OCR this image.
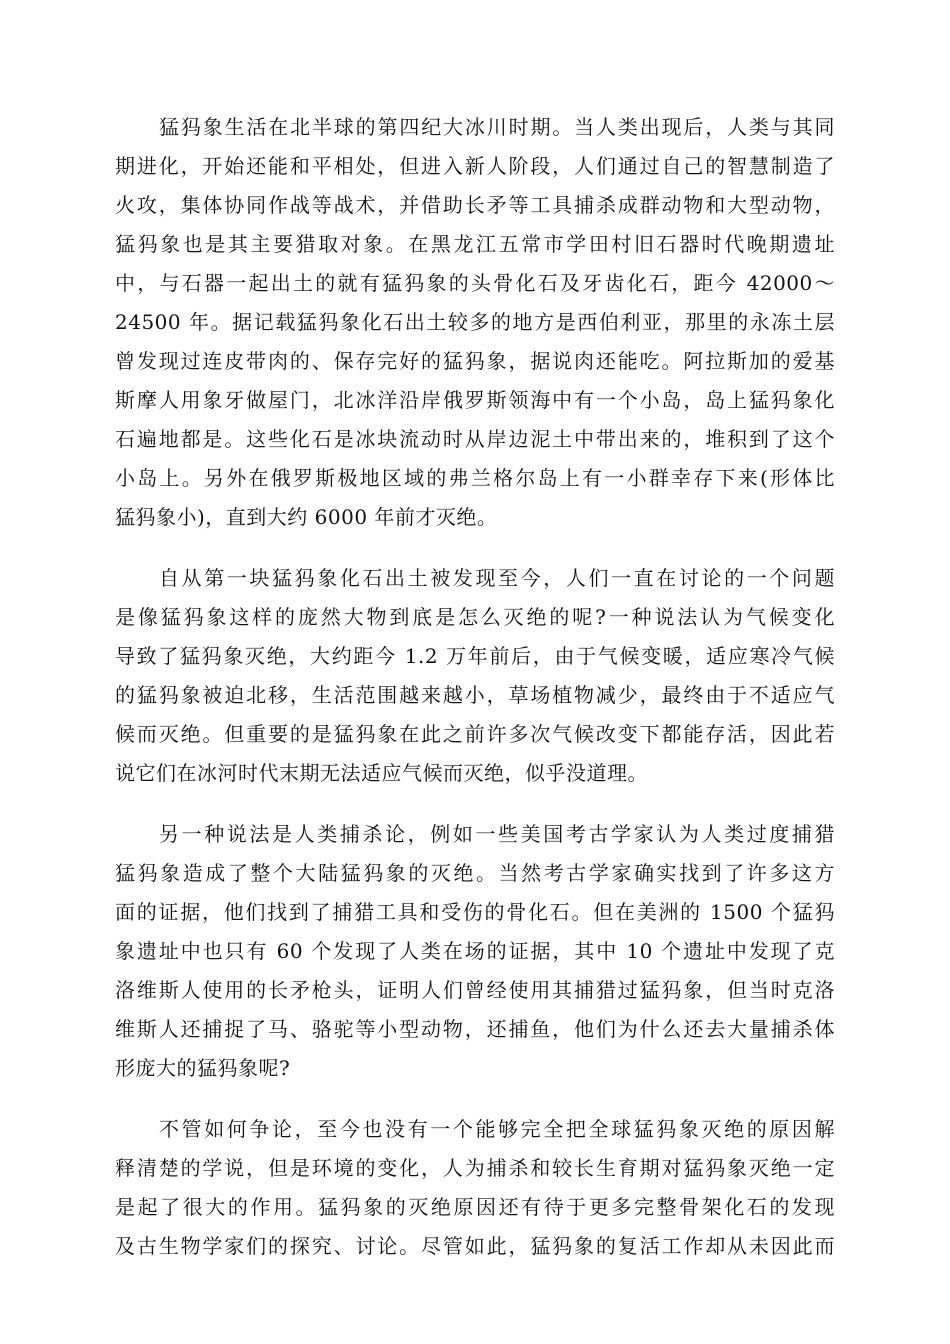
猛犸象生活在北半球的第四纪大冰川时期。当人类出现后，人类与其同
期进化，开始还能和平相处，但进入新人阶段，人们通过自己的智慧制造了
火攻，集体协同作战等战术，并借助长矛等工具捕杀成群动物和大型动物，
猛犸象也是其主要猎取对象。在黑龙江五常市学田村旧石器时代晚期遗址
中，与石器一起出土的就有猛犸象的头骨化石及牙齿化石，距今 42000～
24500 年。据记载猛犸象化石出土较多的地方是西伯利亚，那里的永冻土层
曾发现过连皮带肉的、保存完好的猛犸象，据说肉还能吃。阿拉斯加的爱基
斯摩人用象牙做屋门，北冰洋沿岸俄罗斯领海中有一个小岛，岛上猛犸象化
石遍地都是。这些化石是冰块流动时从岸边泥土中带出来的，堆积到了这个
小岛上。另外在俄罗斯极地区域的弗兰格尔岛上有一小群幸存下来(形体比
猛犸象小)，直到大约 6000 年前才灭绝。
自从第一块猛犸象化石出土被发现至今，人们一直在讨论的一个问题
是像猛犸象这样的庞然大物到底是怎么灭绝的呢?一种说法认为气候变化
导致了猛犸象灭绝，大约距今 1.2 万年前后，由于气候变暖，适应寒冷气候
的猛犸象被迫北移，生活范围越来越小，草场植物减少，最终由于不适应气
候而灭绝。但重要的是猛犸象在此之前许多次气候改变下都能存活，因此若
说它们在冰河时代末期无法适应气候而灭绝，似乎没道理。
另一种说法是人类捕杀论，例如一些美国考古学家认为人类过度捕猎
猛犸象造成了整个大陆猛犸象的灭绝。当然考古学家确实找到了许多这方
面的证据，他们找到了捕猎工具和受伤的骨化石。但在美洲的 1500 个猛犸
象遗址中也只有 60 个发现了人类在场的证据，其中 10 个遗址中发现了克
洛维斯人使用的长矛枪头，证明人们曾经使用其捕猎过猛犸象，但当时克洛
维斯人还捕捉了马、骆驼等小型动物，还捕鱼，他们为什么还去大量捕杀体
形庞大的猛犸象呢?
不管如何争论，至今也没有一个能够完全把全球猛犸象灭绝的原因解
释清楚的学说，但是环境的变化，人为捕杀和较长生育期对猛犸象灭绝一定
是起了很大的作用。猛犸象的灭绝原因还有待于更多完整骨架化石的发现
及古生物学家们的探究、讨论。尽管如此，猛犸象的复活工作却从未因此而
